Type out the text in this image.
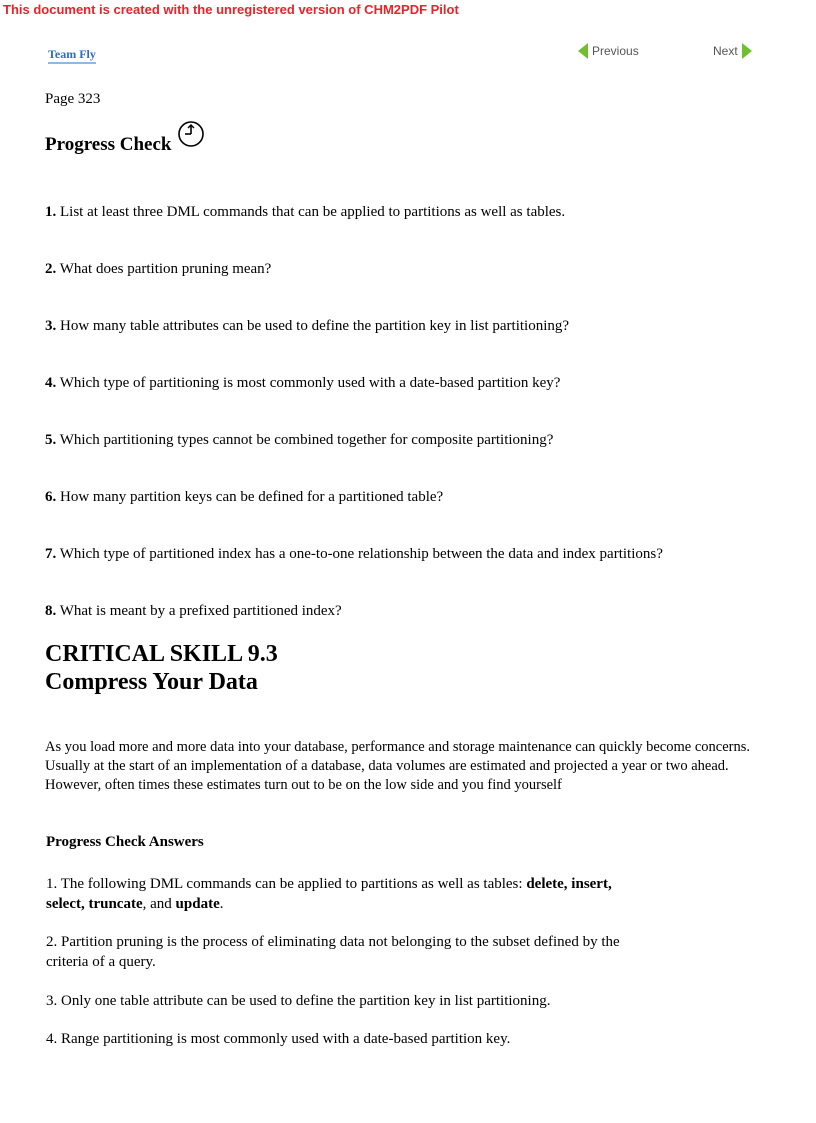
This document is created with the unregistered version of CHM2PDF Pilot
Team Fly	Previous	Next
Page 323
Progress Check
1. List at least three DML commands that can be applied to partitions as well as tables.
2. What does partition pruning mean?
3. How many table attributes can be used to define the partition key in list partitioning?
4. Which type of partitioning is most commonly used with a date-based partition key?
5. Which partitioning types cannot be combined together for composite partitioning?
6. How many partition keys can be defined for a partitioned table?
7. Which type of partitioned index has a one-to-one relationship between the data and index partitions?
8. What is meant by a prefixed partitioned index?
CRITICAL SKILL 9.3
Compress Your Data
As you load more and more data into your database, performance and storage maintenance can quickly become concerns. Usually at the start of an implementation of a database, data volumes are estimated and projected a year or two ahead. However, often times these estimates turn out to be on the low side and you find yourself
Progress Check Answers
1. The following DML commands can be applied to partitions as well as tables: delete, insert,
select, truncate, and update.
2. Partition pruning is the process of eliminating data not belonging to the subset defined by the criteria of a query.
3. Only one table attribute can be used to define the partition key in list partitioning.
4. Range partitioning is most commonly used with a date-based partition key.
